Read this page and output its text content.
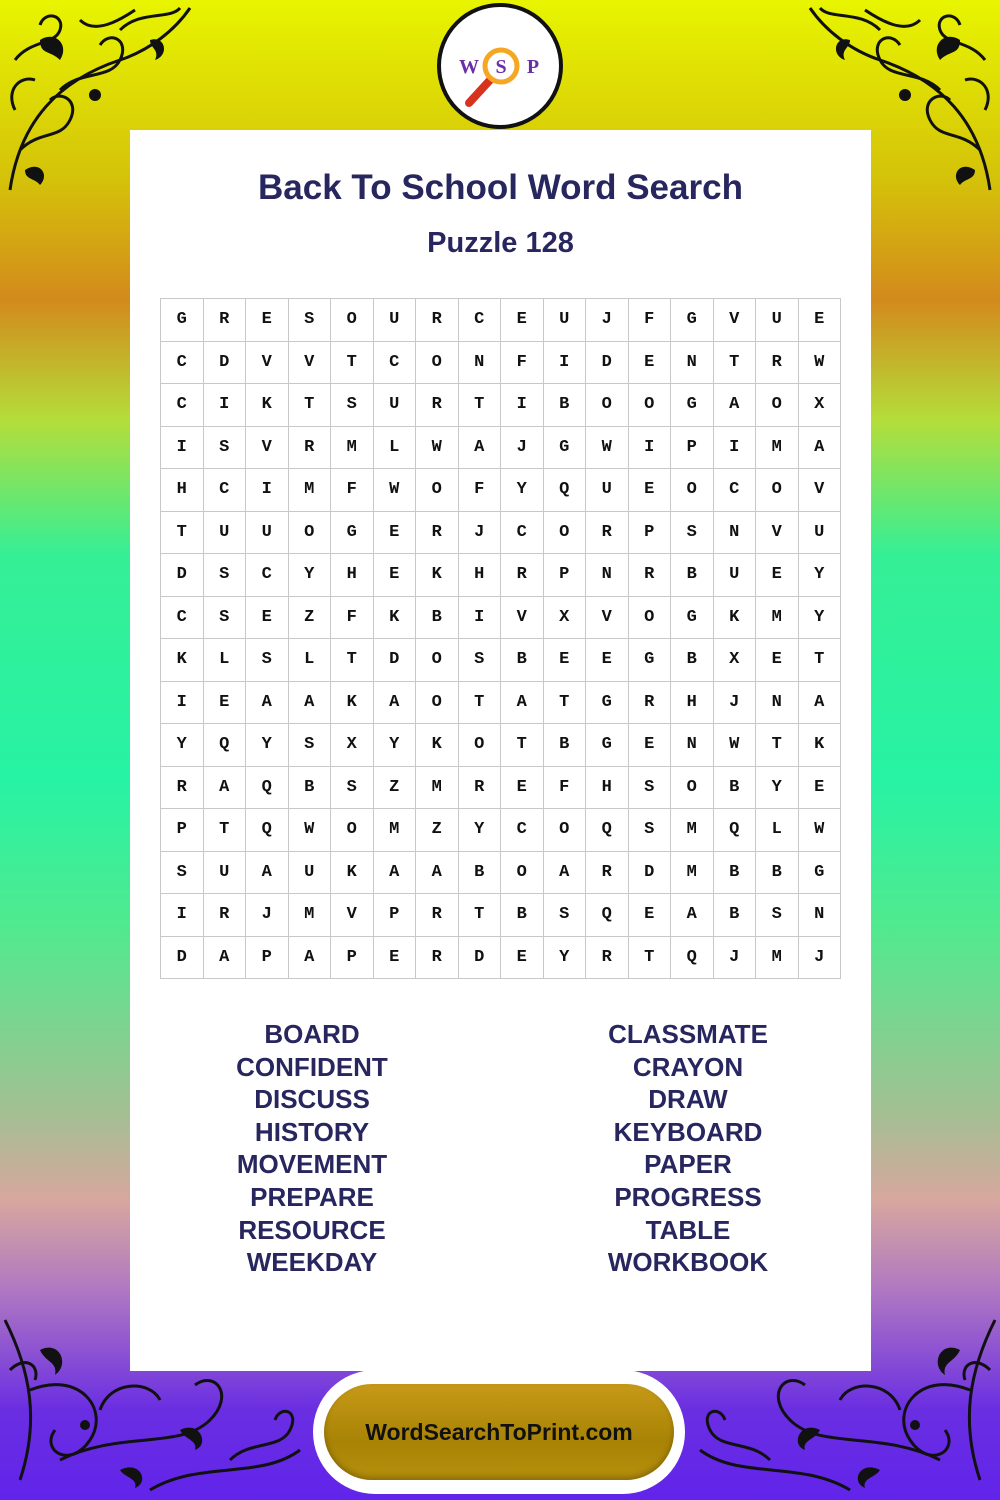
W S P
Back To School Word Search
Puzzle 128
G	R	E	S	O	U	R	C	E	U	J	F	G	V	U	E
C	D	V	V	T	C	O	N	F	I	D	E	N	T	R	W
C	I	K	T	S	U	R	T	I	B	O	O	G	A	O	X
I	S	V	R	M	L	W	A	J	G	W	I	P	I	M	A
H	C	I	M	F	W	O	F	Y	Q	U	E	O	C	O	V
T	U	U	O	G	E	R	J	C	O	R	P	S	N	V	U
D	S	C	Y	H	E	K	H	R	P	N	R	B	U	E	Y
C	S	E	Z	F	K	B	I	V	X	V	O	G	K	M	Y
K	L	S	L	T	D	O	S	B	E	E	G	B	X	E	T
I	E	A	A	K	A	O	T	A	T	G	R	H	J	N	A
Y	Q	Y	S	X	Y	K	O	T	B	G	E	N	W	T	K
R	A	Q	B	S	Z	M	R	E	F	H	S	O	B	Y	E
P	T	Q	W	O	M	Z	Y	C	O	Q	S	M	Q	L	W
S	U	A	U	K	A	A	B	O	A	R	D	M	B	B	G
I	R	J	M	V	P	R	T	B	S	Q	E	A	B	S	N
D	A	P	A	P	E	R	D	E	Y	R	T	Q	J	M	J
BOARD
CONFIDENT
DISCUSS
HISTORY
MOVEMENT
PREPARE
RESOURCE
WEEKDAY
CLASSMATE
CRAYON
DRAW
KEYBOARD
PAPER
PROGRESS
TABLE
WORKBOOK
WordSearchToPrint.com
